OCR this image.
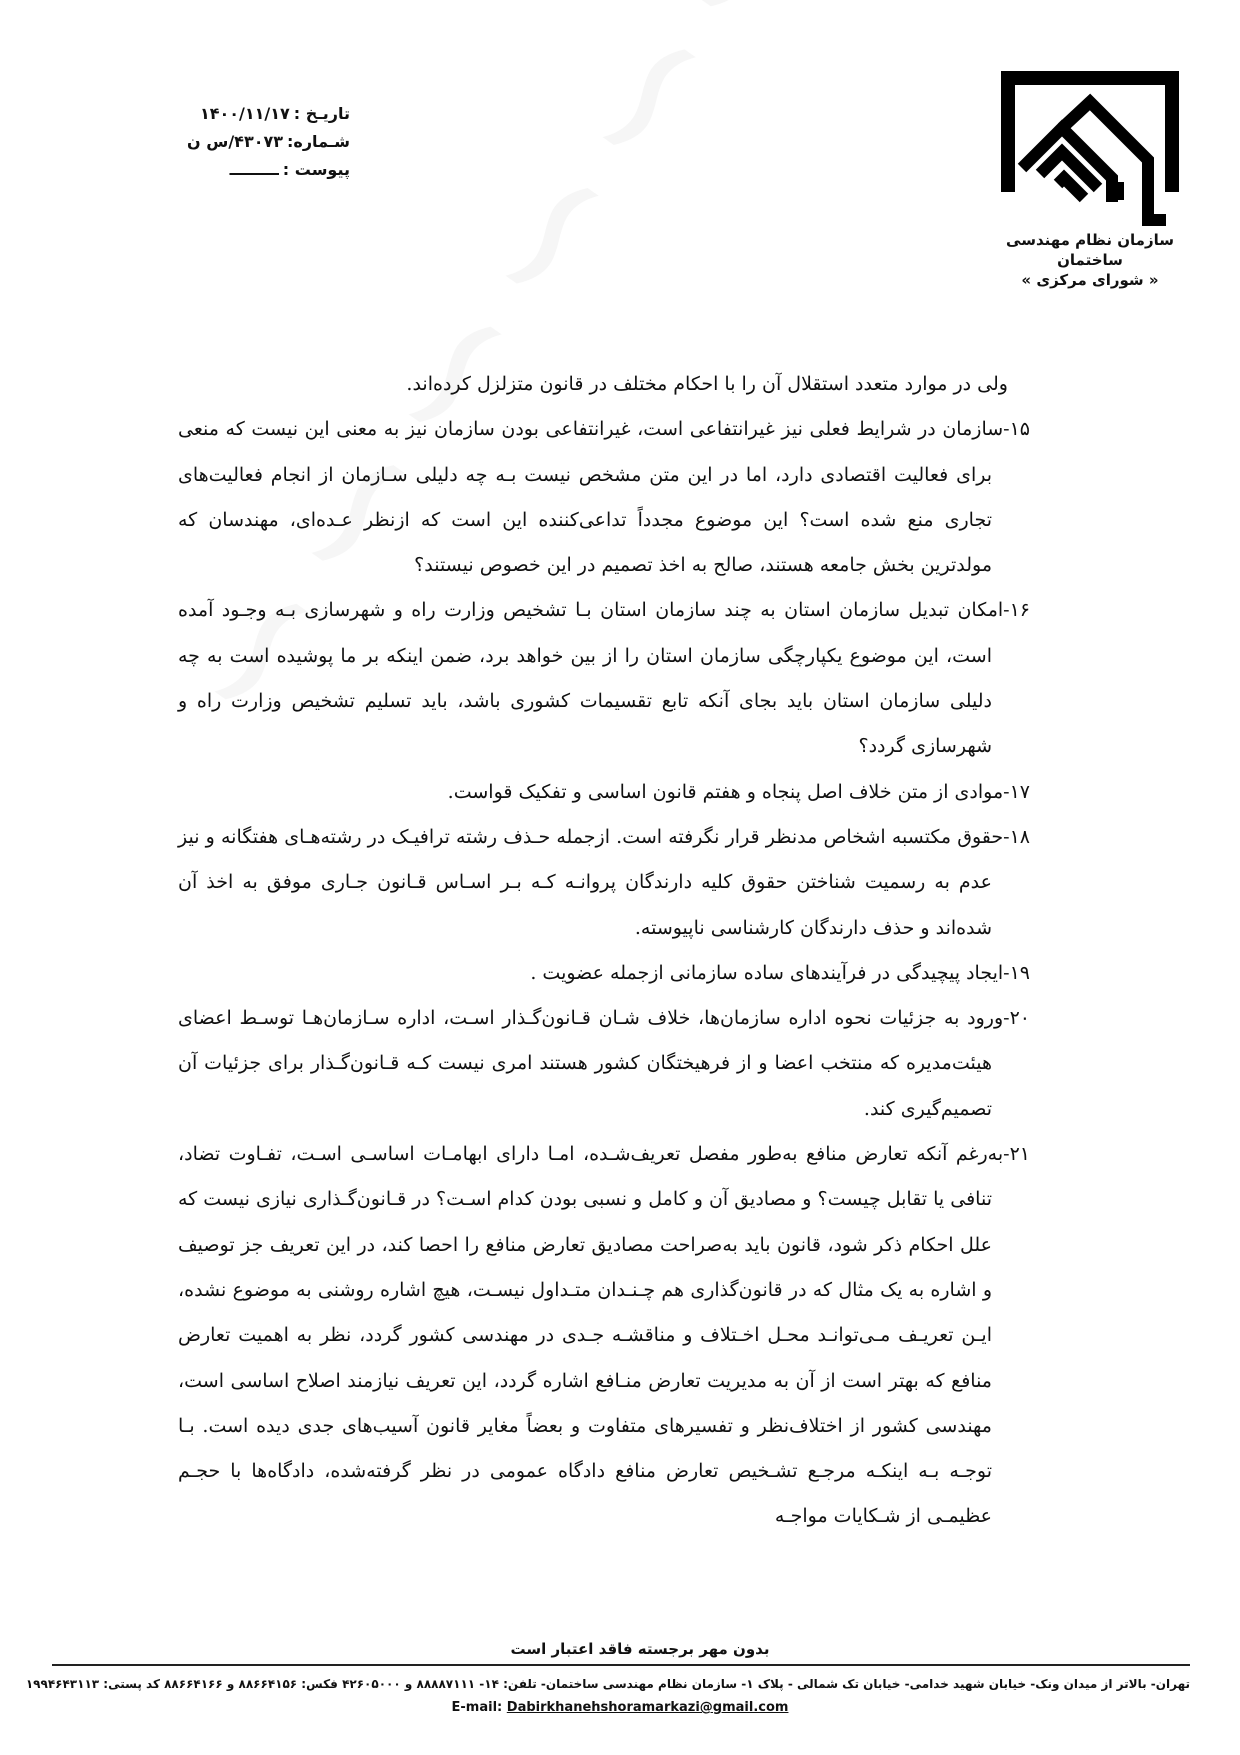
سازمان نظام مهندسی ساختمان
« شورای مرکزی »
تاریـخ :۱۴۰۰/۱۱/۱۷
شـماره:۴۳۰۷۳/س ن
پیوست :ـــــــــ

ولی در موارد متعدد استقلال آن را با احکام مختلف در قانون متزلزل کرده‌اند.

۱۵-سازمان در شرایط فعلی نیز غیرانتفاعی است، غیرانتفاعی بودن سازمان نیز به معنی این نیست که منعی برای فعالیت اقتصادی دارد، اما در این متن مشخص نیست بـه چه دلیلی سـازمان از انجام فعالیت‌های تجاری منع شده است؟ این موضوع مجدداً تداعی‌کننده این است که ازنظر عـده‌ای، مهندسان که مولدترین بخش جامعه هستند، صالح به اخذ تصمیم در این خصوص نیستند؟

۱۶-امکان تبدیل سازمان استان به چند سازمان استان بـا تشخیص وزارت راه و شهرسازی بـه وجـود آمده است، این موضوع یکپارچگی سازمان استان را از بین خواهد برد، ضمن اینکه بر ما پوشیده است به چه دلیلی سازمان استان باید بجای آنکه تابع تقسیمات کشوری باشد، باید تسلیم تشخیص وزارت راه و شهرسازی گردد؟

۱۷-موادی از متن خلاف اصل پنجاه و هفتم قانون اساسی و تفکیک قواست.

۱۸-حقوق مکتسبه اشخاص مدنظر قرار نگرفته است. ازجمله حـذف رشته ترافیـک در رشته‌هـای هفتگانه و نیز عدم به رسمیت شناختن حقوق کلیه دارندگان پروانـه کـه بـر اسـاس قـانون جـاری موفق به اخذ آن شده‌اند و حذف دارندگان کارشناسی ناپیوسته.

۱۹-ایجاد پیچیدگی در فرآیندهای ساده سازمانی ازجمله عضویت .

۲۰-ورود به جزئیات نحوه اداره سازمان‌ها، خلاف شـان قـانون‌گـذار اسـت، اداره سـازمان‌هـا توسـط اعضای هیئت‌مدیره که منتخب اعضا و از فرهیختگان کشور هستند امری نیست کـه قـانون‌گـذار برای جزئیات آن تصمیم‌گیری کند.

۲۱-به‌رغم آنکه تعارض منافع به‌طور مفصل تعریف‌شـده، امـا دارای ابهامـات اساسـی اسـت، تفـاوت تضاد، تنافی یا تقابل چیست؟ و مصادیق آن و کامل و نسبی بودن کدام اسـت؟ در قـانون‌گـذاری نیازی نیست که علل احکام ذکر شود، قانون باید به‌صراحت مصادیق تعارض منافع را احصا کند، در این تعریف جز توصیف و اشاره به یک مثال که در قانون‌گذاری هم چـنـدان متـداول نیسـت، هیچ اشاره روشنی به موضوع نشده، ایـن تعریـف مـی‌توانـد محـل اخـتلاف و مناقشـه جـدی در مهندسی کشور گردد، نظر به اهمیت تعارض منافع که بهتر است از آن به مدیریت تعارض منـافع اشاره گردد، این تعریف نیازمند اصلاح اساسی است، مهندسی کشور از اختلاف‌نظر و تفسیرهای متفاوت و بعضاً مغایر قانون آسیب‌های جدی دیده است. بـا توجـه بـه اینکـه مرجـع تشـخیص تعارض منافع دادگاه عمومی در نظر گرفته‌شده، دادگاه‌ها با حجـم عظیمـی از شـکایات مواجـه

بدون مهر برجسته فاقد اعتبار است
تهران- بالاتر از میدان ونک- خیابان شهید خدامی- خیابان تک شمالی - پلاک ۱- سازمان نظام مهندسی ساختمان- تلفن: ۱۴- ۸۸۸۸۷۱۱۱ و ۴۲۶۰۵۰۰۰ فکس: ۸۸۶۶۴۱۵۶ و ۸۸۶۶۴۱۶۶ کد پستی: ۱۹۹۴۶۴۳۱۱۳
E-mail: Dabirkhanehshoramarkazi@gmail.com
